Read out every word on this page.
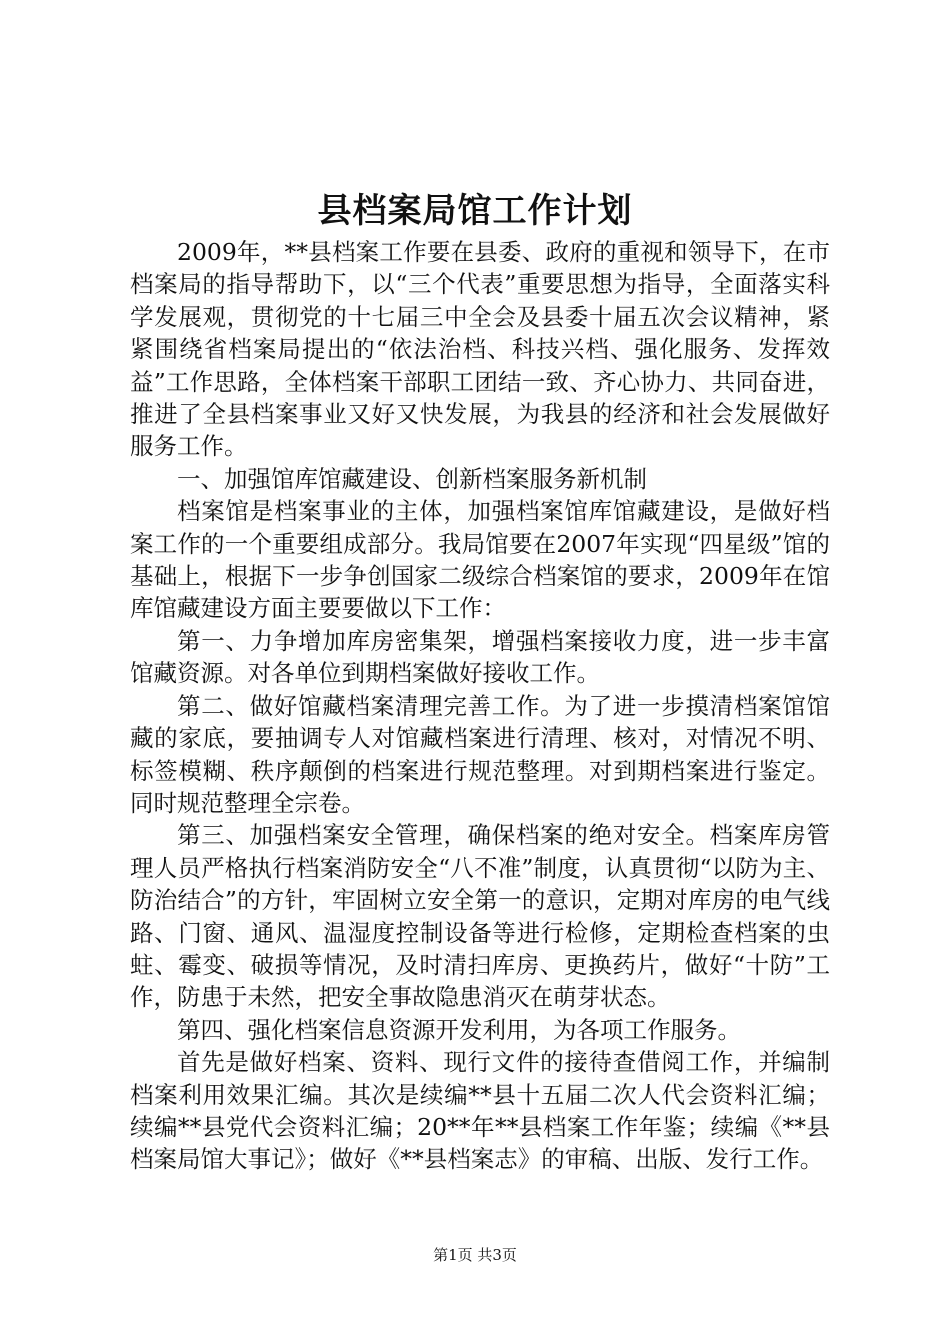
县档案局馆工作计划

2009年，**县档案工作要在县委、政府的重视和领导下，在市档案局的指导帮助下，以“三个代表”重要思想为指导，全面落实科学发展观，贯彻党的十七届三中全会及县委十届五次会议精神，紧紧围绕省档案局提出的“依法治档、科技兴档、强化服务、发挥效益”工作思路，全体档案干部职工团结一致、齐心协力、共同奋进，推进了全县档案事业又好又快发展，为我县的经济和社会发展做好服务工作。

一、加强馆库馆藏建设、创新档案服务新机制

档案馆是档案事业的主体，加强档案馆库馆藏建设，是做好档案工作的一个重要组成部分。我局馆要在2007年实现“四星级”馆的基础上，根据下一步争创国家二级综合档案馆的要求，2009年在馆库馆藏建设方面主要要做以下工作：

第一、力争增加库房密集架，增强档案接收力度，进一步丰富馆藏资源。对各单位到期档案做好接收工作。

第二、做好馆藏档案清理完善工作。为了进一步摸清档案馆馆藏的家底，要抽调专人对馆藏档案进行清理、核对，对情况不明、标签模糊、秩序颠倒的档案进行规范整理。对到期档案进行鉴定。同时规范整理全宗卷。

第三、加强档案安全管理，确保档案的绝对安全。档案库房管理人员严格执行档案消防安全“八不准”制度，认真贯彻“以防为主、防治结合”的方针，牢固树立安全第一的意识，定期对库房的电气线路、门窗、通风、温湿度控制设备等进行检修，定期检查档案的虫蛀、霉变、破损等情况，及时清扫库房、更换药片，做好“十防”工作，防患于未然，把安全事故隐患消灭在萌芽状态。

第四、强化档案信息资源开发利用，为各项工作服务。

首先是做好档案、资料、现行文件的接待查借阅工作，并编制档案利用效果汇编。其次是续编**县十五届二次人代会资料汇编；续编**县党代会资料汇编；20**年**县档案工作年鉴；续编《**县档案局馆大事记》；做好《**县档案志》的审稿、出版、发行工作。

第1页 共3页
